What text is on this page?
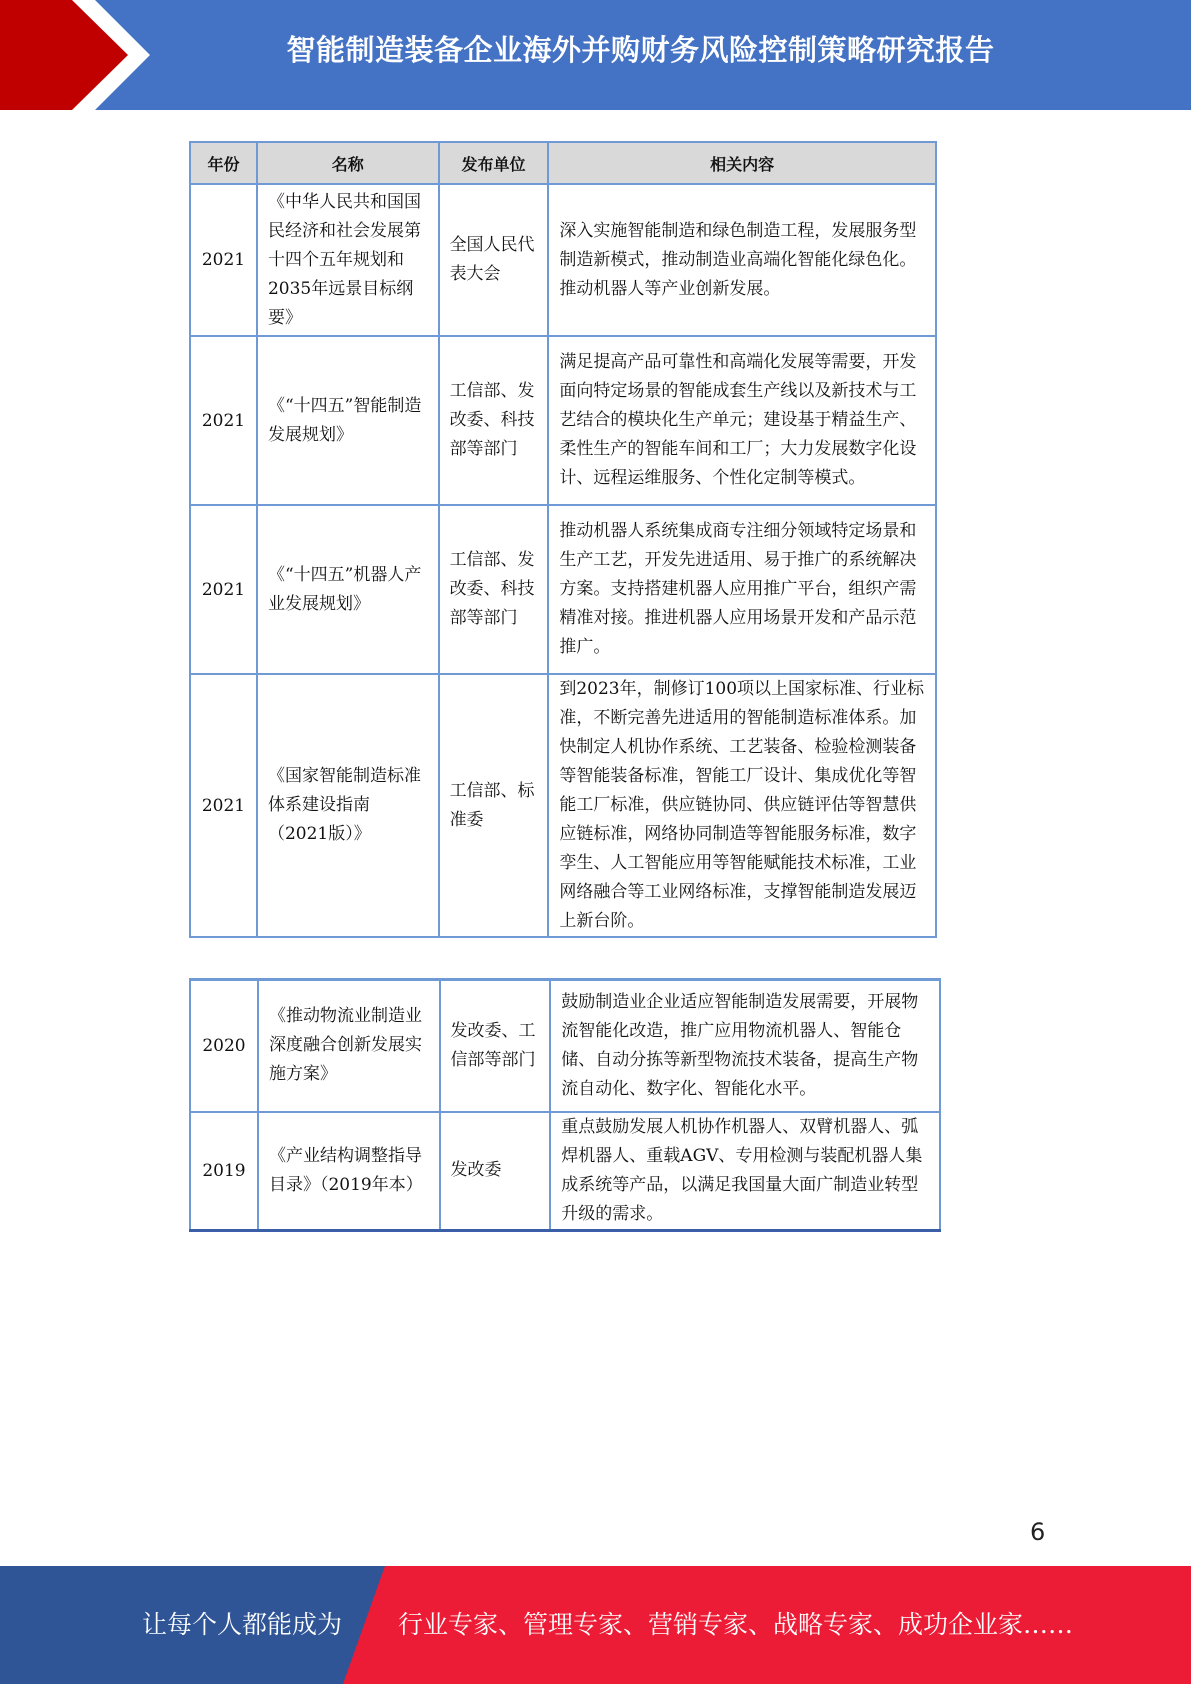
智能制造装备企业海外并购财务风险控制策略研究报告
年份	名称	发布单位	相关内容
2021	《中华人民共和国国民经济和社会发展第十四个五年规划和2035年远景目标纲要》	全国人民代表大会	深入实施智能制造和绿色制造工程，发展服务型制造新模式，推动制造业高端化智能化绿色化。推动机器人等产业创新发展。
2021	《“十四五”智能制造发展规划》	工信部、发改委、科技部等部门	满足提高产品可靠性和高端化发展等需要，开发面向特定场景的智能成套生产线以及新技术与工艺结合的模块化生产单元；建设基于精益生产、柔性生产的智能车间和工厂；大力发展数字化设计、远程运维服务、个性化定制等模式。
2021	《“十四五”机器人产业发展规划》	工信部、发改委、科技部等部门	推动机器人系统集成商专注细分领域特定场景和生产工艺，开发先进适用、易于推广的系统解决方案。支持搭建机器人应用推广平台，组织产需精准对接。推进机器人应用场景开发和产品示范推广。
2021	《国家智能制造标准体系建设指南（2021版）》	工信部、标准委	到2023年，制修订100项以上国家标准、行业标准，不断完善先进适用的智能制造标准体系。加快制定人机协作系统、工艺装备、检验检测装备等智能装备标准，智能工厂设计、集成优化等智能工厂标准，供应链协同、供应链评估等智慧供应链标准，网络协同制造等智能服务标准，数字孪生、人工智能应用等智能赋能技术标准，工业网络融合等工业网络标准，支撑智能制造发展迈上新台阶。
2020	《推动物流业制造业深度融合创新发展实施方案》	发改委、工信部等部门	鼓励制造业企业适应智能制造发展需要，开展物流智能化改造，推广应用物流机器人、智能仓储、自动分拣等新型物流技术装备，提高生产物流自动化、数字化、智能化水平。
2019	《产业结构调整指导目录》（2019年本）	发改委	重点鼓励发展人机协作机器人、双臂机器人、弧焊机器人、重载AGV、专用检测与装配机器人集成系统等产品，以满足我国量大面广制造业转型升级的需求。
6
让每个人都能成为 行业专家、管理专家、营销专家、战略专家、成功企业家……
